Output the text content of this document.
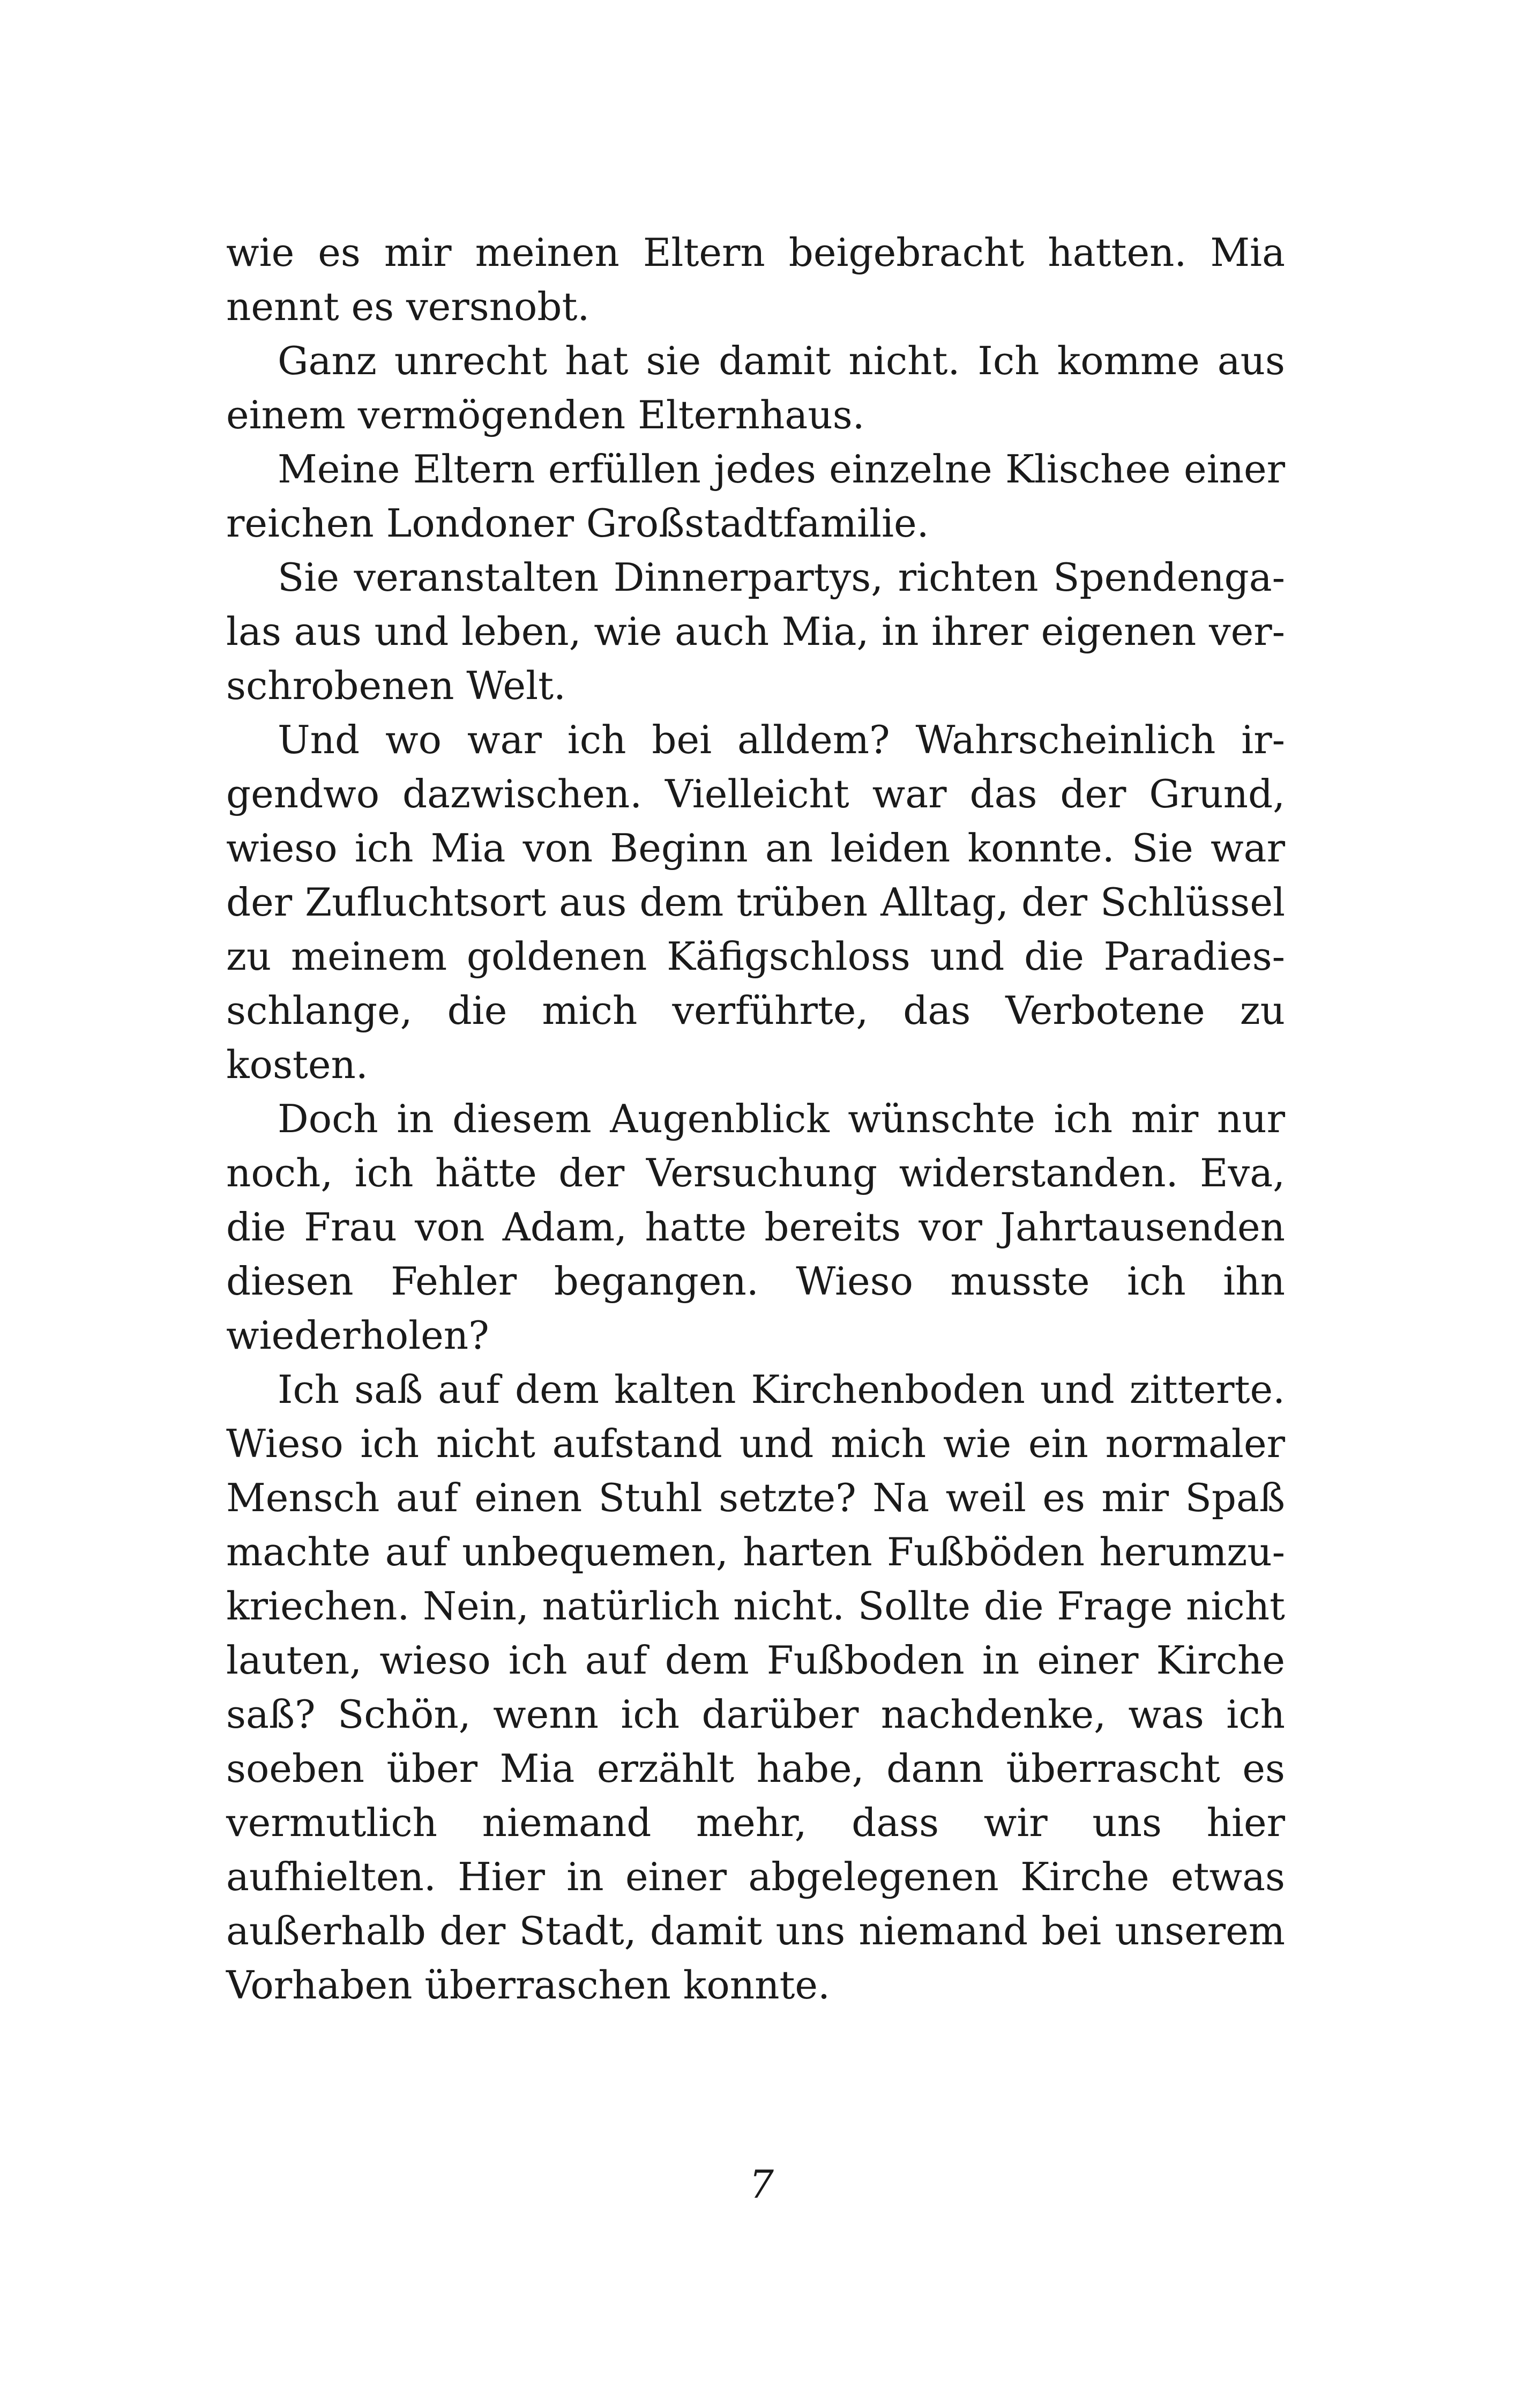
wie es mir meinen Eltern beigebracht hatten. Mia nennt es versnobt.

Ganz unrecht hat sie damit nicht. Ich komme aus einem vermögenden Elternhaus.

Meine Eltern erfüllen jedes einzelne Klischee einer reichen Londoner Großstadtfamilie.

Sie veranstalten Dinnerpartys, richten Spendengalas aus und leben, wie auch Mia, in ihrer eigenen verschrobenen Welt.

Und wo war ich bei alldem? Wahrscheinlich irgendwo dazwischen. Vielleicht war das der Grund, wieso ich Mia von Beginn an leiden konnte. Sie war der Zufluchtsort aus dem trüben Alltag, der Schlüssel zu meinem goldenen Käfigschloss und die Paradiesschlange, die mich verführte, das Verbotene zu kosten.

Doch in diesem Augenblick wünschte ich mir nur noch, ich hätte der Versuchung widerstanden. Eva, die Frau von Adam, hatte bereits vor Jahrtausenden diesen Fehler begangen. Wieso musste ich ihn wiederholen?

Ich saß auf dem kalten Kirchenboden und zitterte. Wieso ich nicht aufstand und mich wie ein normaler Mensch auf einen Stuhl setzte? Na weil es mir Spaß machte auf unbequemen, harten Fußböden herumzukriechen. Nein, natürlich nicht. Sollte die Frage nicht lauten, wieso ich auf dem Fußboden in einer Kirche saß? Schön, wenn ich darüber nachdenke, was ich soeben über Mia erzählt habe, dann überrascht es vermutlich niemand mehr, dass wir uns hier aufhielten. Hier in einer abgelegenen Kirche etwas außerhalb der Stadt, damit uns niemand bei unserem Vorhaben überraschen konnte.

7
